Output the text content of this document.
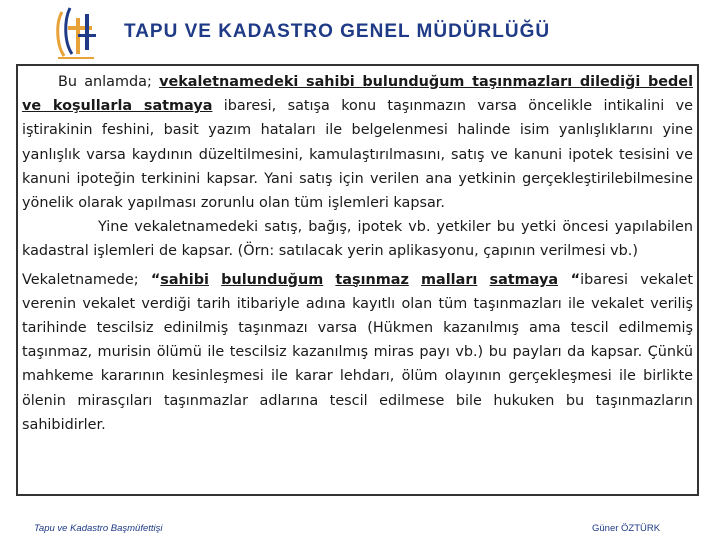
TAPU VE KADASTRO GENEL MÜDÜRLÜĞÜ

Bu anlamda; vekaletnamedeki sahibi bulunduğum taşınmazları dilediği bedel ve koşullarla satmaya ibaresi, satışa konu taşınmazın varsa öncelikle intikalini ve iştirakinin feshini, basit yazım hataları ile belgelenmesi halinde isim yanlışlıklarını yine yanlışlık varsa kaydının düzeltilmesini, kamulaştırılmasını, satış ve kanuni ipotek tesisini ve kanuni ipoteğin terkinini kapsar. Yani satış için verilen ana yetkinin gerçekleştirilebilmesine yönelik olarak yapılması zorunlu olan tüm işlemleri kapsar.

Yine vekaletnamedeki satış, bağış, ipotek vb. yetkiler bu yetki öncesi yapılabilen kadastral işlemleri de kapsar. (Örn: satılacak yerin aplikasyonu, çapının verilmesi vb.)

Vekaletnamede; “sahibi bulunduğum taşınmaz malları satmaya “ibaresi vekalet verenin vekalet verdiği tarih itibariyle adına kayıtlı olan tüm taşınmazları ile vekalet veriliş tarihinde tescilsiz edinilmiş taşınmazı varsa (Hükmen kazanılmış ama tescil edilmemiş taşınmaz, murisin ölümü ile tescilsiz kazanılmış miras payı vb.) bu payları da kapsar. Çünkü mahkeme kararının kesinleşmesi ile karar lehdarı, ölüm olayının gerçekleşmesi ile birlikte ölenin mirasçıları taşınmazlar adlarına tescil edilmese bile hukuken bu taşınmazların sahibidirler.

Tapu ve Kadastro Başmüfettişi	Güner ÖZTÜRK
